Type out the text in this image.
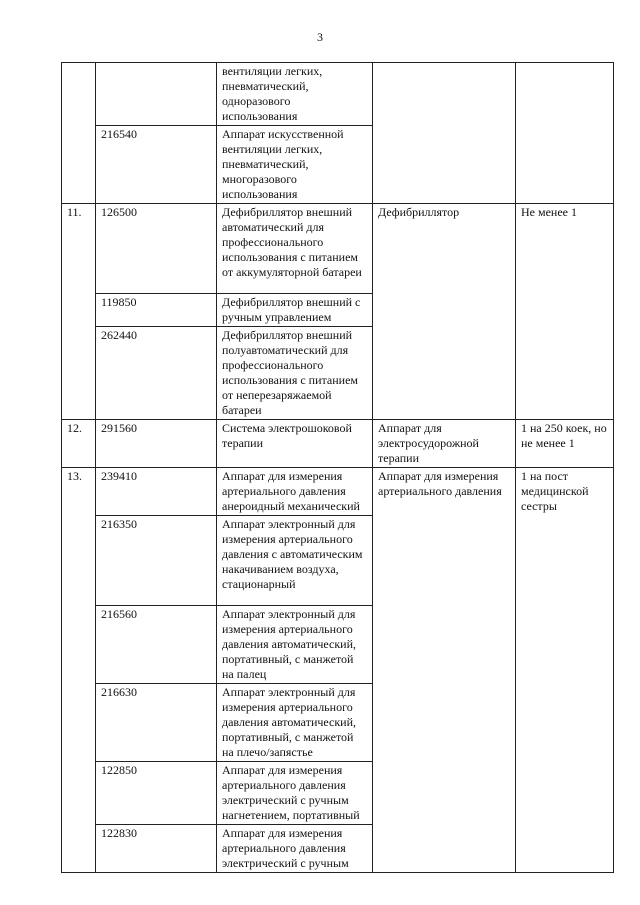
3
		вентиляции легких, пневматический, одноразового использования		
	216540	Аппарат искусственной вентиляции легких, пневматический, многоразового использования		
11.	126500	Дефибриллятор внешний автоматический для профессионального использования с питанием от аккумуляторной батареи	Дефибриллятор	Не менее 1
	119850	Дефибриллятор внешний с ручным управлением		
	262440	Дефибриллятор внешний полуавтоматический для профессионального использования с питанием от неперезаряжаемой батареи		
12.	291560	Система электрошоковой терапии	Аппарат для электросудорожной терапии	1 на 250 коек, но не менее 1
13.	239410	Аппарат для измерения артериального давления анероидный механический	Аппарат для измерения артериального давления	1 на пост медицинской сестры
	216350	Аппарат электронный для измерения артериального давления с автоматическим накачиванием воздуха, стационарный		
	216560	Аппарат электронный для измерения артериального давления автоматический, портативный, с манжетой на палец		
	216630	Аппарат электронный для измерения артериального давления автоматический, портативный, с манжетой на плечо/запястье		
	122850	Аппарат для измерения артериального давления электрический с ручным нагнетением, портативный		
	122830	Аппарат для измерения артериального давления электрический с ручным		
